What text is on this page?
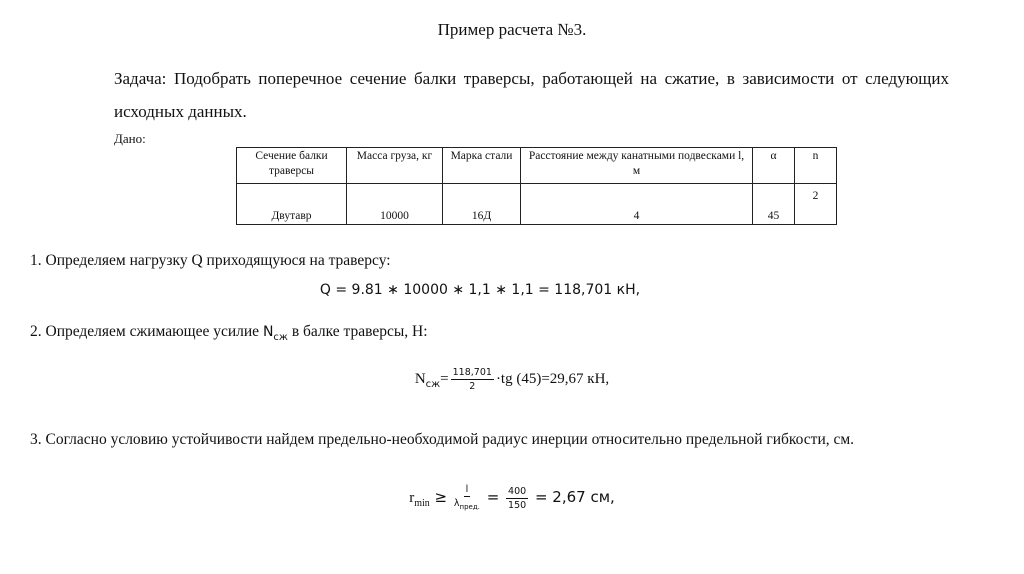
Пример расчета №3.
Задача: Подобрать поперечное сечение балки траверсы, работающей на сжатие, в зависимости от следующих исходных данных.
Дано:
Сечение балки траверсы	Масса груза, кг	Марка стали	Расстояние между канатными подвесками l, м	α	n
Двутавр	10000	16Д	4	45	2
1. Определяем нагрузку Q приходящуюся на траверсу:
Q = 9.81 ∗ 10000 ∗ 1,1 ∗ 1,1 = 118,701 кН,
2. Определяем сжимающее усилие $N_{сж}$ в балке траверсы, Н:
$N_{сж}= \frac{118,701}{2} \cdot tg$ (45)=29,67 кН,
3. Согласно условию устойчивости найдем предельно-необходимой радиус инерции относительно предельной гибкости, см.
$r_{min} \ge \frac{l}{\lambda_{пред.}} = \frac{400}{150} = 2,67$ см,
